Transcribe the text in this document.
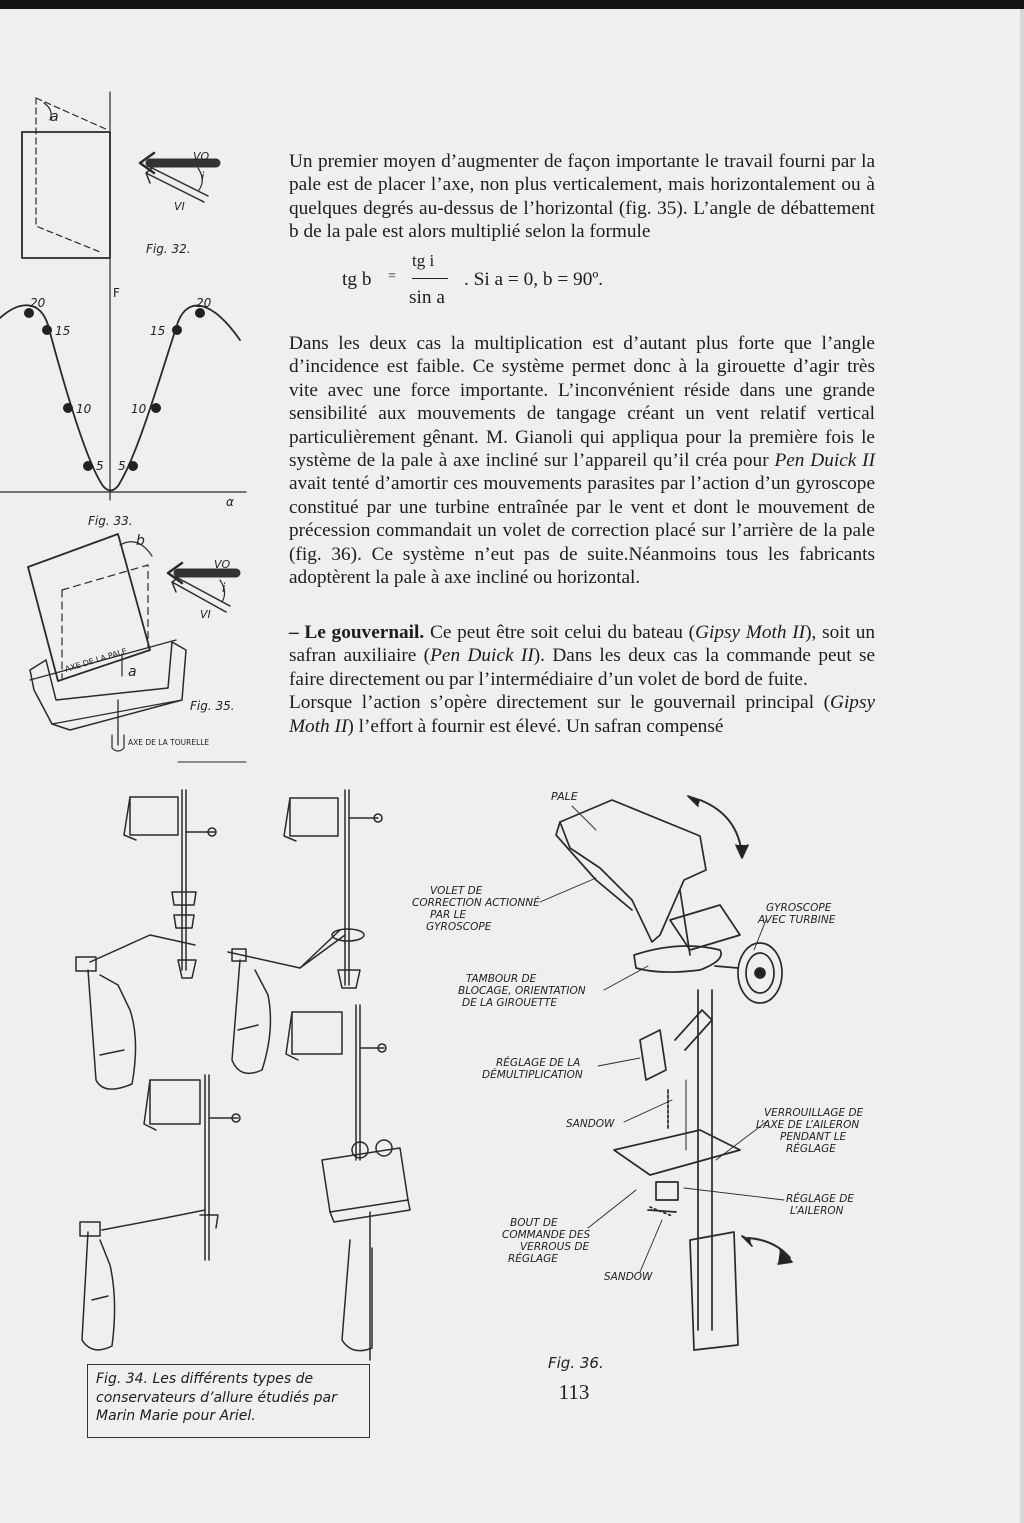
a
VO
i
VI
Fig. 32.
F
20
15
10
5 5
10
15
20
α
Fig. 33.
b
VO
i
VI
a
AXE DE LA PALE
AXE DE LA TOURELLE
Fig. 35.
Fig. 36.
PALE
VOLET DE
CORRECTION ACTIONNÉ
PAR LE
GYROSCOPE
GYROSCOPE
AVEC TURBINE
TAMBOUR DE
BLOCAGE, ORIENTATION
DE LA GIROUETTE
RÉGLAGE DE LA
DÉMULTIPLICATION
SANDOW
VERROUILLAGE DE
L’AXE DE L’AILERON
PENDANT LE
RÉGLAGE
RÉGLAGE DE
L’AILERON
BOUT DE
COMMANDE DES
VERROUS DE
RÉGLAGE
SANDOW

Un premier moyen d’augmenter de façon importante le travail fourni par la pale est de placer l’axe, non plus verticalement, mais horizontalement ou à quelques degrés au-dessus de l’horizontal (fig. 35). L’angle de débattement b de la pale est alors multiplié selon la formule

tg b =
tg i
sin a
. Si a = 0, b = 90º.

Dans les deux cas la multiplication est d’autant plus forte que l’angle d’incidence est faible. Ce système permet donc à la girouette d’agir très vite avec une force importante. L’inconvénient réside dans une grande sensibilité aux mouvements de tangage créant un vent relatif vertical particulièrement gênant. M. Gianoli qui appliqua pour la première fois le système de la pale à axe incliné sur l’appareil qu’il créa pour Pen Duick II avait tenté d’amortir ces mouvements parasites par l’action d’un gyroscope constitué par une turbine entraînée par le vent et dont le mouvement de précession commandait un volet de correction placé sur l’arrière de la pale (fig. 36). Ce système n’eut pas de suite.Néanmoins tous les fabricants adoptèrent la pale à axe incliné ou horizontal.

– Le gouvernail. Ce peut être soit celui du bateau (Gipsy Moth II), soit un safran auxiliaire (Pen Duick II). Dans les deux cas la commande peut se faire directement ou par l’intermédiaire d’un volet de bord de fuite.

Lorsque l’action s’opère directement sur le gouvernail principal (Gipsy Moth II) l’effort à fournir est élevé. Un safran compensé

113
Fig. 34. Les différents types de
conservateurs d’allure étudiés par
Marin Marie pour Ariel.
